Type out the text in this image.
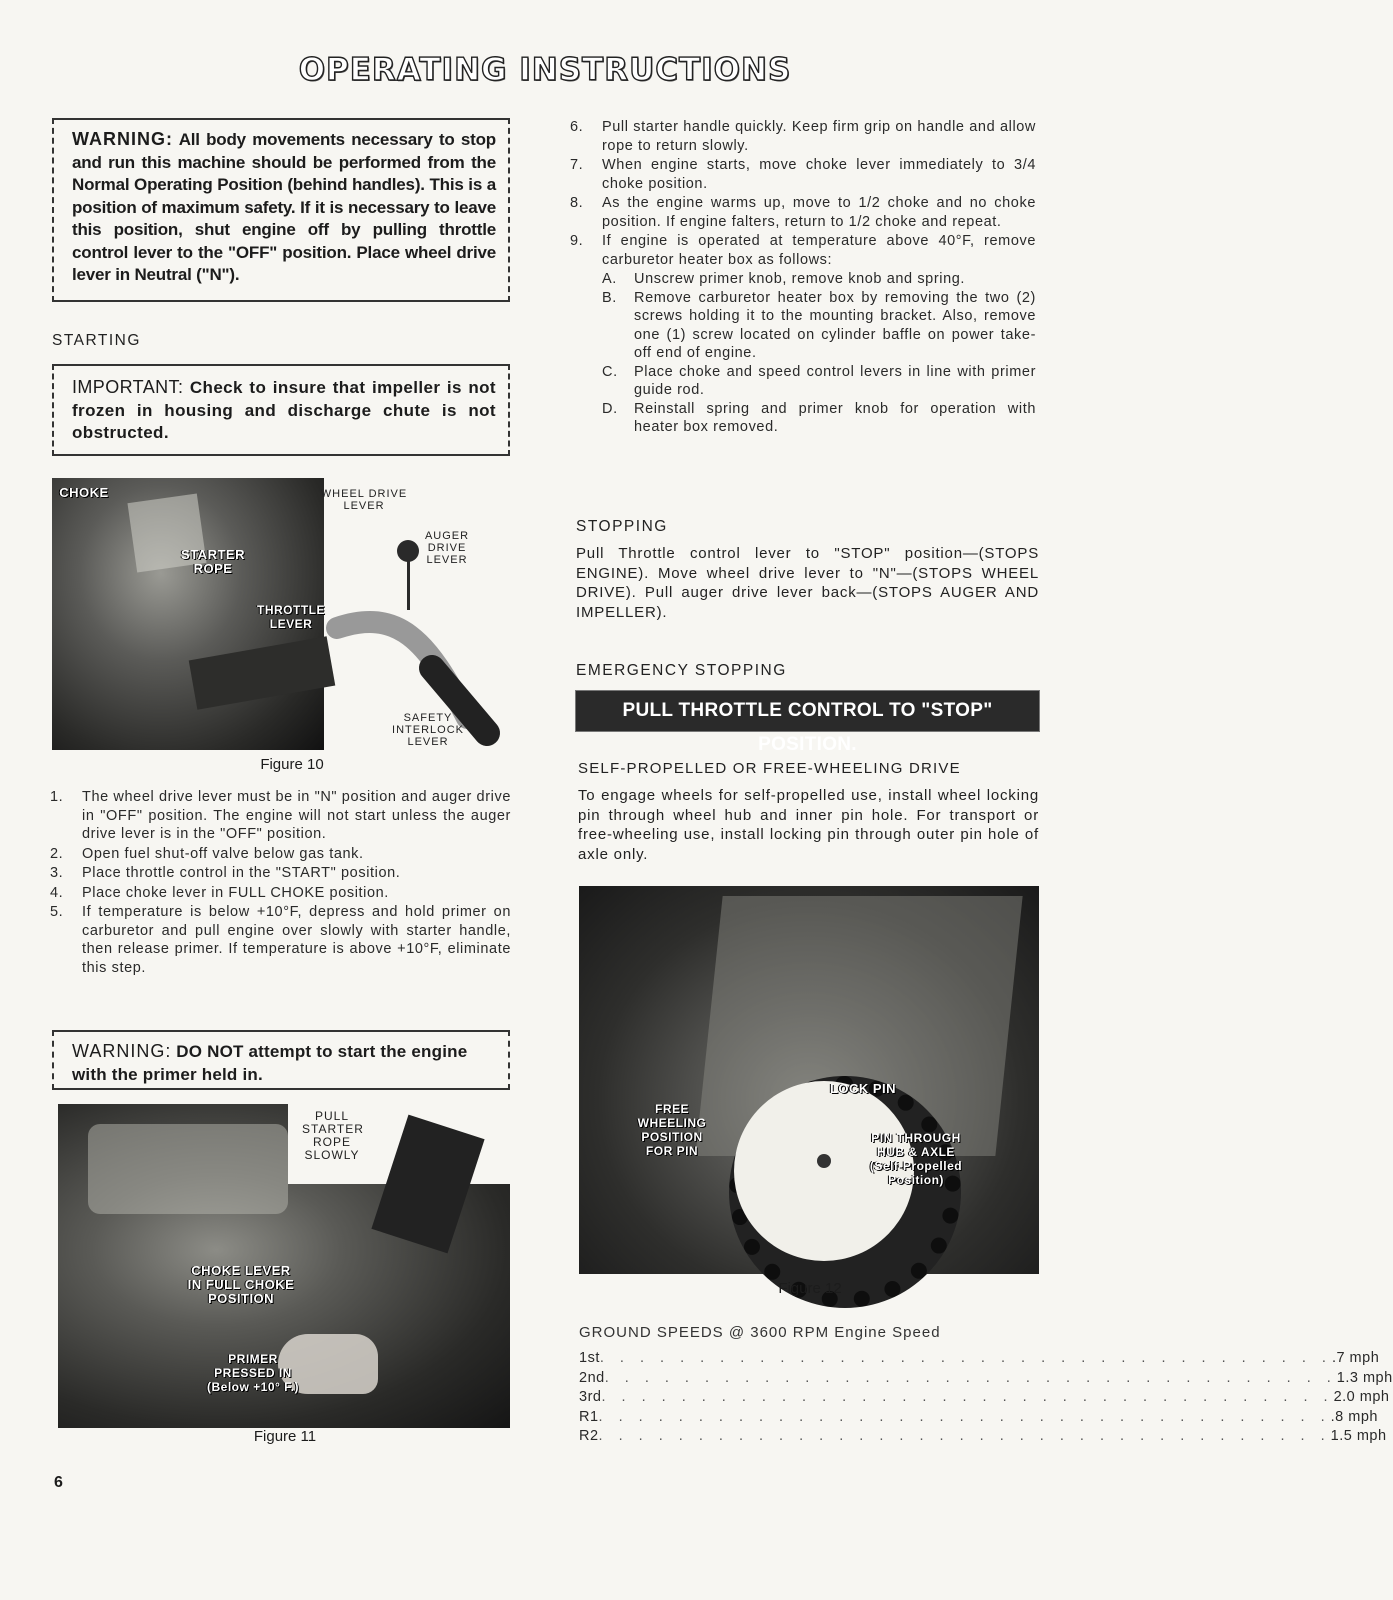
OPERATING INSTRUCTIONS
WARNING: All body movements necessary to stop and run this machine should be performed from the Normal Operating Position (behind handles). This is a position of maximum safety. If it is necessary to leave this position, shut engine off by pulling throttle control lever to the "OFF" position. Place wheel drive lever in Neutral ("N").
STARTING
IMPORTANT: Check to insure that impeller is not frozen in housing and discharge chute is not obstructed.
CHOKE
STARTER ROPE
THROTTLE LEVER
WHEEL DRIVE LEVER
AUGER DRIVE LEVER
SAFETY INTERLOCK LEVER
Figure 10
1. The wheel drive lever must be in "N" position and auger drive in "OFF" position. The engine will not start unless the auger drive lever is in the "OFF" position.
2. Open fuel shut-off valve below gas tank.
3. Place throttle control in the "START" position.
4. Place choke lever in FULL CHOKE position.
5. If temperature is below +10°F, depress and hold primer on carburetor and pull engine over slowly with starter handle, then release primer. If temperature is above +10°F, eliminate this step.
WARNING: DO NOT attempt to start the engine with the primer held in.
PULL STARTER ROPE SLOWLY
CHOKE LEVER IN FULL CHOKE POSITION
PRIMER PRESSED IN (Below +10° F.)
Figure 11
6
6. Pull starter handle quickly. Keep firm grip on handle and allow rope to return slowly.
7. When engine starts, move choke lever immediately to 3/4 choke position.
8. As the engine warms up, move to 1/2 choke and no choke position. If engine falters, return to 1/2 choke and repeat.
9. If engine is operated at temperature above 40°F, remove carburetor heater box as follows:
A. Unscrew primer knob, remove knob and spring.
B. Remove carburetor heater box by removing the two (2) screws holding it to the mounting bracket. Also, remove one (1) screw located on cylinder baffle on power take-off end of engine.
C. Place choke and speed control levers in line with primer guide rod.
D. Reinstall spring and primer knob for operation with heater box removed.
STOPPING
Pull Throttle control lever to "STOP" position—(STOPS ENGINE). Move wheel drive lever to "N"—(STOPS WHEEL DRIVE). Pull auger drive lever back—(STOPS AUGER AND IMPELLER).
EMERGENCY STOPPING
PULL THROTTLE CONTROL TO "STOP" POSITION.
SELF-PROPELLED OR FREE-WHEELING DRIVE
To engage wheels for self-propelled use, install wheel locking pin through wheel hub and inner pin hole. For transport or free-wheeling use, install locking pin through outer pin hole of axle only.
LOCK PIN
FREE WHEELING POSITION FOR PIN
PIN THROUGH HUB & AXLE (Self-Propelled Position)
Figure 12
GROUND SPEEDS @ 3600 RPM Engine Speed
1st . . . . . . . . . . . . . . . . . . . . . . . . . . . . . . . . . . . . . .7 mph
2nd . . . . . . . . . . . . . . . . . . . . . . . . . . . . . . . . . . . . . 1.3 mph
3rd . . . . . . . . . . . . . . . . . . . . . . . . . . . . . . . . . . . . . 2.0 mph
R1 . . . . . . . . . . . . . . . . . . . . . . . . . . . . . . . . . . . . . .8 mph
R2 . . . . . . . . . . . . . . . . . . . . . . . . . . . . . . . . . . . . . 1.5 mph
